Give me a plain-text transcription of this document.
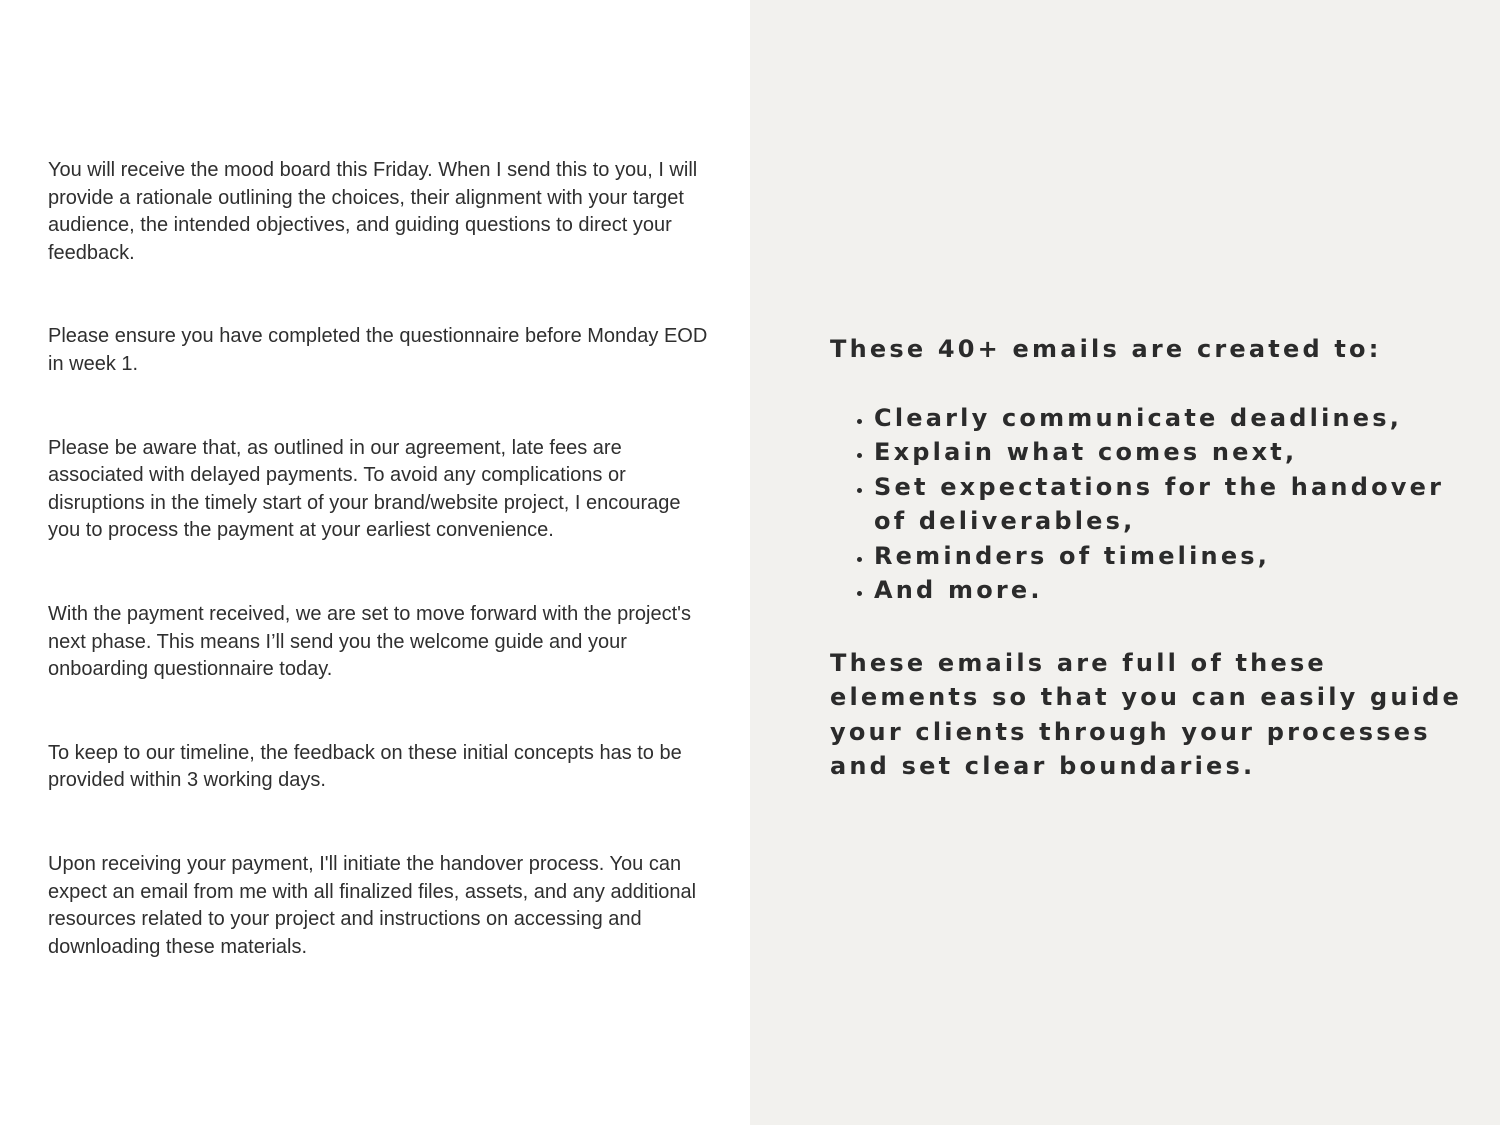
You will receive the mood board this Friday. When I send this to you, I will provide a rationale outlining the choices, their alignment with your target audience, the intended objectives, and guiding questions to direct your feedback.

Please ensure you have completed the questionnaire before Monday EOD in week 1.

Please be aware that, as outlined in our agreement, late fees are associated with delayed payments. To avoid any complications or disruptions in the timely start of your brand/website project, I encourage you to process the payment at your earliest convenience.

With the payment received, we are set to move forward with the project's next phase. This means I’ll send you the welcome guide and your onboarding questionnaire today.

To keep to our timeline, the feedback on these initial concepts has to be provided within 3 working days.

Upon receiving your payment, I'll initiate the handover process. You can expect an email from me with all finalized files, assets, and any additional resources related to your project and instructions on accessing and downloading these materials.

These 40+ emails are created to:

• Clearly communicate deadlines,
• Explain what comes next,
• Set expectations for the handover of deliverables,
• Reminders of timelines,
• And more.

These emails are full of these elements so that you can easily guide your clients through your processes and set clear boundaries.
